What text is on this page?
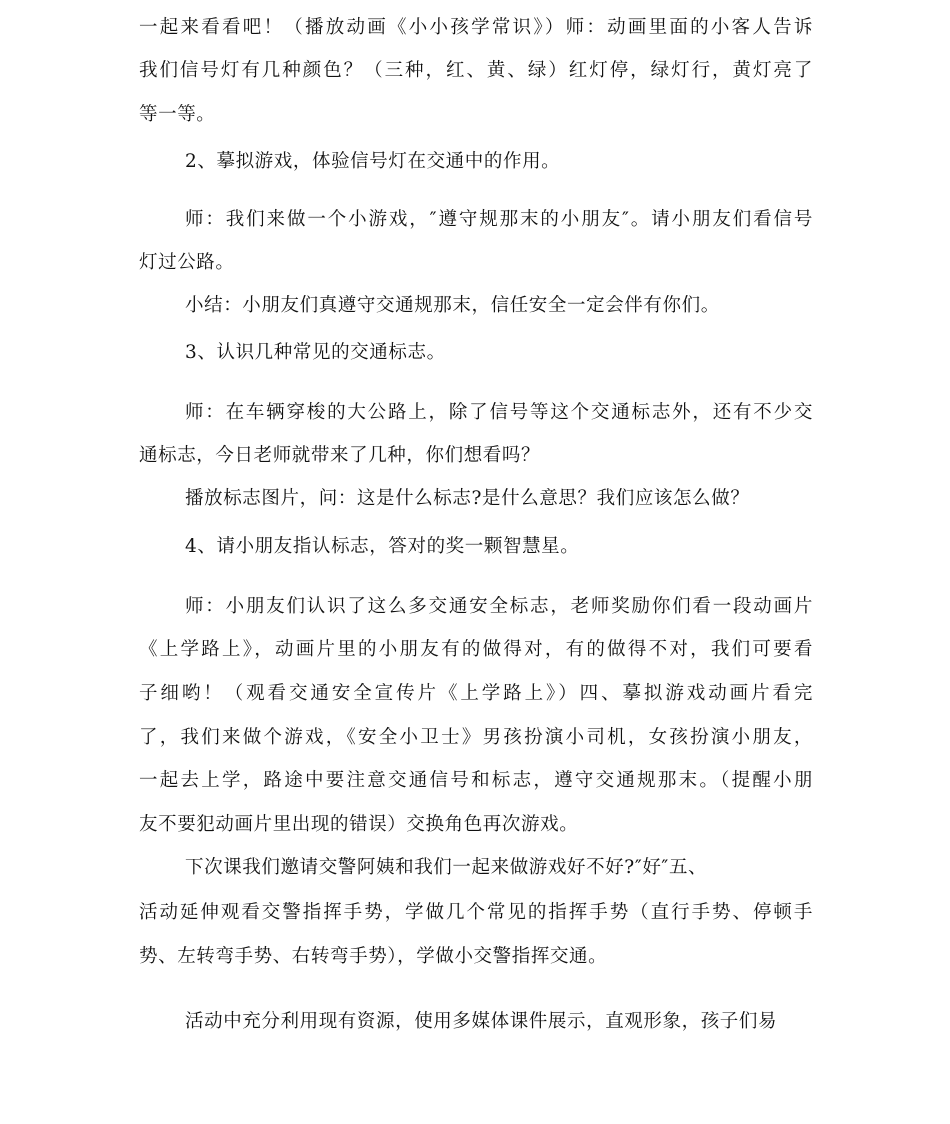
一起来看看吧！（播放动画《小小孩学常识》）师：动画里面的小客人告诉
我们信号灯有几种颜色？（三种，红、黄、绿）红灯停，绿灯行，黄灯亮了
等一等。
2、摹拟游戏，体验信号灯在交通中的作用。
师：我们来做一个小游戏，″遵守规那末的小朋友″。请小朋友们看信号
灯过公路。
小结：小朋友们真遵守交通规那末，信任安全一定会伴有你们。
3、认识几种常见的交通标志。
师：在车辆穿梭的大公路上，除了信号等这个交通标志外，还有不少交
通标志，今日老师就带来了几种，你们想看吗？
播放标志图片，问：这是什么标志?是什么意思？我们应该怎么做？
4、请小朋友指认标志，答对的奖一颗智慧星。
师：小朋友们认识了这么多交通安全标志，老师奖励你们看一段动画片
《上学路上》，动画片里的小朋友有的做得对，有的做得不对，我们可要看
子细哟！（观看交通安全宣传片《上学路上》）四、摹拟游戏动画片看完
了，我们来做个游戏，《安全小卫士》男孩扮演小司机，女孩扮演小朋友，
一起去上学，路途中要注意交通信号和标志，遵守交通规那末。（提醒小朋
友不要犯动画片里出现的错误）交换角色再次游戏。
下次课我们邀请交警阿姨和我们一起来做游戏好不好?″好″五、
活动延伸观看交警指挥手势，学做几个常见的指挥手势（直行手势、停顿手
势、左转弯手势、右转弯手势），学做小交警指挥交通。
活动中充分利用现有资源，使用多媒体课件展示，直观形象，孩子们易
